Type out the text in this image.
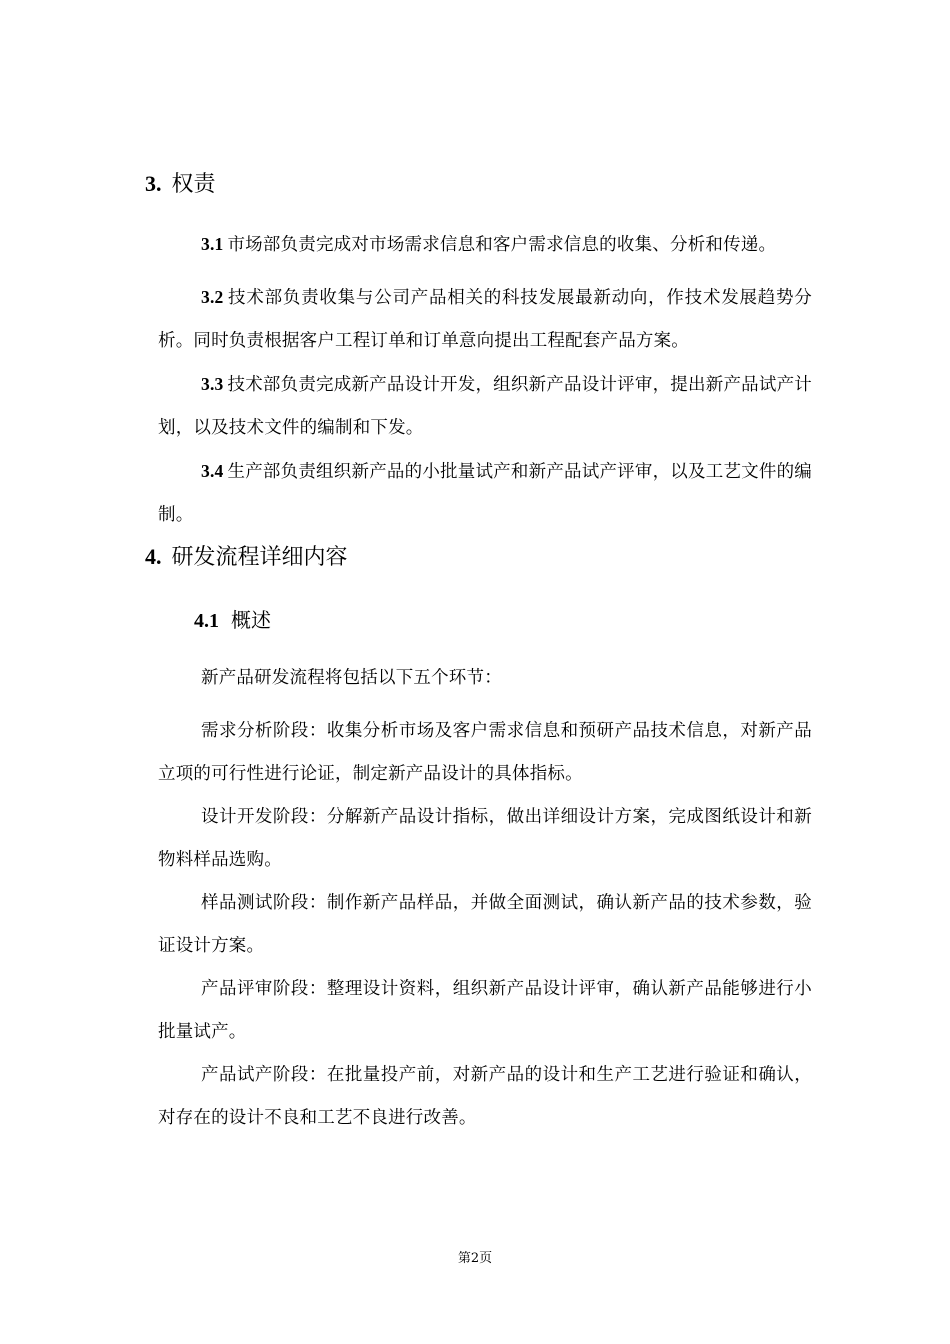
3. 权责
3.1 市场部负责完成对市场需求信息和客户需求信息的收集、分析和传递。
3.2 技术部负责收集与公司产品相关的科技发展最新动向，作技术发展趋势分析。同时负责根据客户工程订单和订单意向提出工程配套产品方案。
3.3 技术部负责完成新产品设计开发，组织新产品设计评审，提出新产品试产计划，以及技术文件的编制和下发。
3.4 生产部负责组织新产品的小批量试产和新产品试产评审，以及工艺文件的编制。
4. 研发流程详细内容
4.1 概述
新产品研发流程将包括以下五个环节：
需求分析阶段：收集分析市场及客户需求信息和预研产品技术信息，对新产品立项的可行性进行论证，制定新产品设计的具体指标。
设计开发阶段：分解新产品设计指标，做出详细设计方案，完成图纸设计和新物料样品选购。
样品测试阶段：制作新产品样品，并做全面测试，确认新产品的技术参数，验证设计方案。
产品评审阶段：整理设计资料，组织新产品设计评审，确认新产品能够进行小批量试产。
产品试产阶段：在批量投产前，对新产品的设计和生产工艺进行验证和确认，对存在的设计不良和工艺不良进行改善。
第2页
